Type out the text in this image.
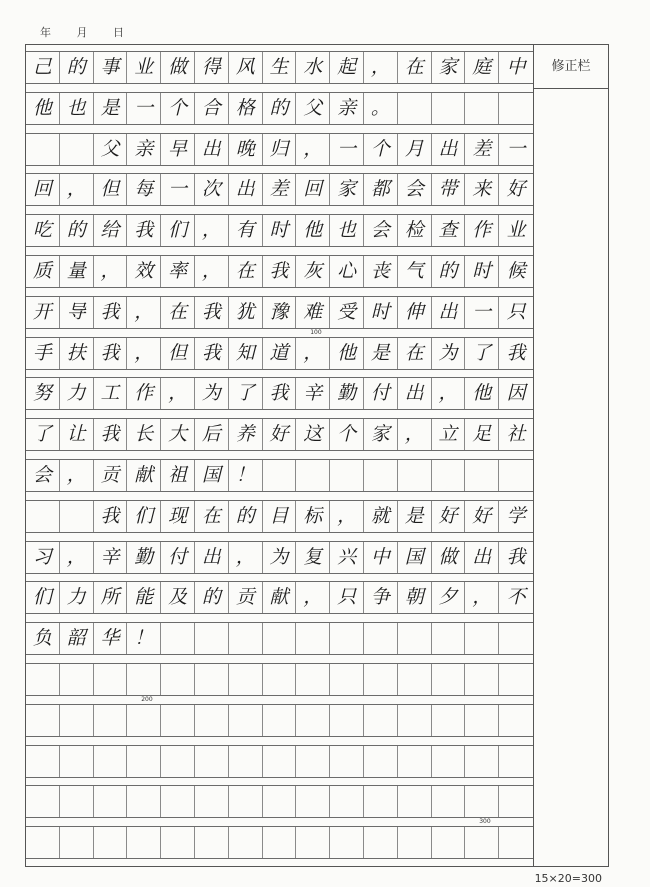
年 月 日
己 的 事 业 做 得 风 生 水 起 ， 在 家 庭 中
他 也 是 一 个 合 格 的 父 亲 。
父 亲 早 出 晚 归 ， 一 个 月 出 差 一
回 ， 但 每 一 次 出 差 回 家 都 会 带 来 好
吃 的 给 我 们 ， 有 时 他 也 会 检 查 作 业
质 量 ， 效 率 ， 在 我 灰 心 丧 气 的 时 候
开 导 我 ， 在 我 犹 豫 难 受 时 伸 出 一 只
手 扶 我 ， 但 我 知 道 ， 他 是 在 为 了 我
努 力 工 作 ， 为 了 我 辛 勤 付 出 ， 他 因
了 让 我 长 大 后 养 好 这 个 家 ， 立 足 社
会 ， 贡 献 祖 国 ！
我 们 现 在 的 目 标 ， 就 是 好 好 学
习 ， 辛 勤 付 出 ， 为 复 兴 中 国 做 出 我
们 力 所 能 及 的 贡 献 ， 只 争 朝 夕 ， 不
负 韶 华 ！
100
200
300
修正栏
15×20=300
